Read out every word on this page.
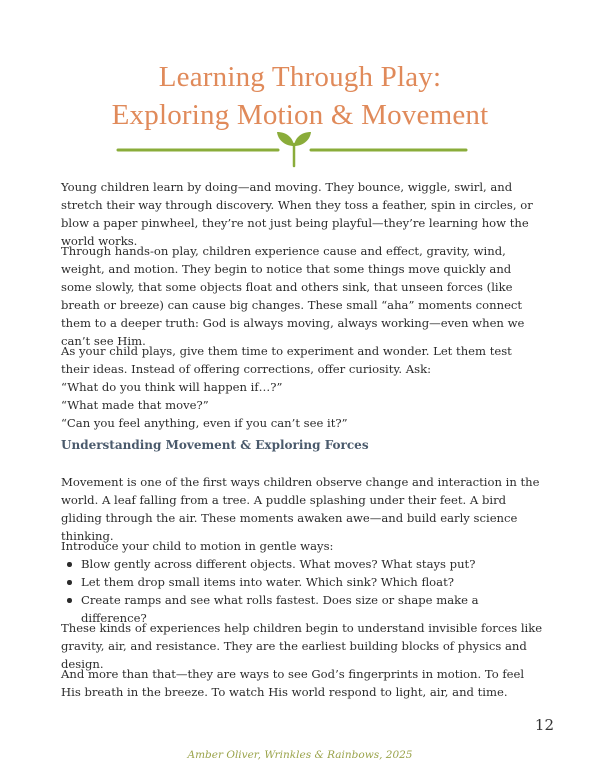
Learning Through Play:
Exploring Motion & Movement
Young children learn by doing—and moving. They bounce, wiggle, swirl, and stretch their way through discovery. When they toss a feather, spin in circles, or blow a paper pinwheel, they’re not just being playful—they’re learning how the world works.
Through hands-on play, children experience cause and effect, gravity, wind, weight, and motion. They begin to notice that some things move quickly and some slowly, that some objects float and others sink, that unseen forces (like breath or breeze) can cause big changes. These small “aha” moments connect them to a deeper truth: God is always moving, always working—even when we can’t see Him.
As your child plays, give them time to experiment and wonder. Let them test their ideas. Instead of offering corrections, offer curiosity. Ask:
“What do you think will happen if…?”
“What made that move?”
“Can you feel anything, even if you can’t see it?”
Understanding Movement & Exploring Forces
Movement is one of the first ways children observe change and interaction in the world. A leaf falling from a tree. A puddle splashing under their feet. A bird gliding through the air. These moments awaken awe—and build early science thinking.
Introduce your child to motion in gentle ways:
Blow gently across different objects. What moves? What stays put?
Let them drop small items into water. Which sink? Which float?
Create ramps and see what rolls fastest. Does size or shape make a difference?
These kinds of experiences help children begin to understand invisible forces like gravity, air, and resistance. They are the earliest building blocks of physics and design.
And more than that—they are ways to see God’s fingerprints in motion. To feel His breath in the breeze. To watch His world respond to light, air, and time.
12
Amber Oliver, Wrinkles & Rainbows, 2025
